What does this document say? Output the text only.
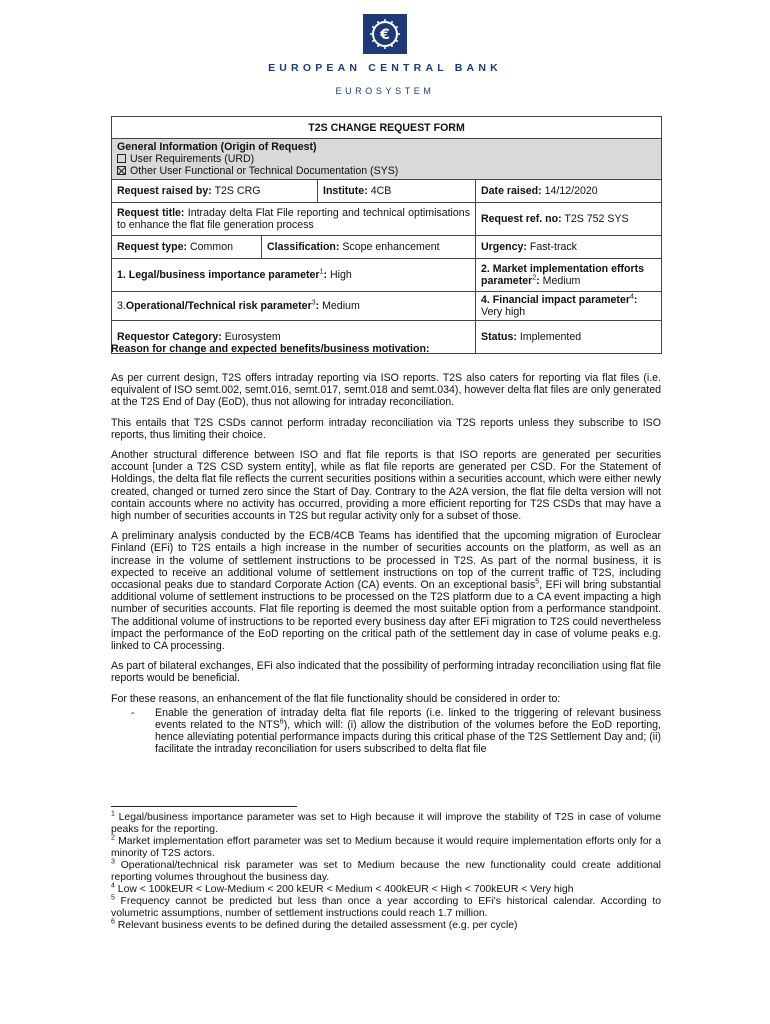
€
EUROPEAN CENTRAL BANK
EUROSYSTEM
T2S CHANGE REQUEST FORM			

General Information (Origin of Request)
User Requirements (URD)
Other User Functional or Technical Documentation (SYS)			

Request raised by: T2S CRG		Institute: 4CB	Date raised: 14/12/2020
Request title: Intraday delta Flat File reporting and technical optimisations to enhance the flat file generation process			Request ref. no: T2S 752 SYS
Request type: Common	Classification: Scope enhancement		Urgency: Fast-track
1. Legal/business importance parameter$^1$: High			2. Market implementation efforts parameter$^2$: Medium
3.Operational/Technical risk parameter$^3$: Medium			4. Financial impact parameter$^4$: Very high
Requestor Category: Eurosystem			Status: Implemented
Reason for change and expected benefits/business motivation:

As per current design, T2S offers intraday reporting via ISO reports. T2S also caters for reporting via flat files (i.e. equivalent of ISO semt.002, semt.016, semt.017, semt.018 and semt.034), however delta flat files are only generated at the T2S End of Day (EoD), thus not allowing for intraday reconciliation.

This entails that T2S CSDs cannot perform intraday reconciliation via T2S reports unless they subscribe to ISO reports, thus limiting their choice.

Another structural difference between ISO and flat file reports is that ISO reports are generated per securities account [under a T2S CSD system entity], while as flat file reports are generated per CSD. For the Statement of Holdings, the delta flat file reflects the current securities positions within a securities account, which were either newly created, changed or turned zero since the Start of Day. Contrary to the A2A version, the flat file delta version will not contain accounts where no activity has occurred, providing a more efficient reporting for T2S CSDs that may have a high number of securities accounts in T2S but regular activity only for a subset of those.

A preliminary analysis conducted by the ECB/4CB Teams has identified that the upcoming migration of Euroclear Finland (EFi) to T2S entails a high increase in the number of securities accounts on the platform, as well as an increase in the volume of settlement instructions to be processed in T2S. As part of the normal business, it is expected to receive an additional volume of settlement instructions on top of the current traffic of T2S, including occasional peaks due to standard Corporate Action (CA) events. On an exceptional basis$^5$, EFi will bring substantial additional volume of settlement instructions to be processed on the T2S platform due to a CA event impacting a high number of securities accounts. Flat file reporting is deemed the most suitable option from a performance standpoint. The additional volume of instructions to be reported every business day after EFi migration to T2S could nevertheless impact the performance of the EoD reporting on the critical path of the settlement day in case of volume peaks e.g. linked to CA processing.

As part of bilateral exchanges, EFi also indicated that the possibility of performing intraday reconciliation using flat file reports would be beneficial.

For these reasons, an enhancement of the flat file functionality should be considered in order to:

-	Enable the generation of intraday delta flat file reports (i.e. linked to the triggering of relevant business events related to the NTS$^6$), which will: (i) allow the distribution of the volumes before the EoD reporting, hence alleviating potential performance impacts during this critical phase of the T2S Settlement Day and; (ii) facilitate the intraday reconciliation for users subscribed to delta flat file

$^1$ Legal/business importance parameter was set to High because it will improve the stability of T2S in case of volume peaks for the reporting.

$^2$ Market implementation effort parameter was set to Medium because it would require implementation efforts only for a minority of T2S actors.

$^3$ Operational/technical risk parameter was set to Medium because the new functionality could create additional reporting volumes throughout the business day.

$^4$ Low < 100kEUR < Low-Medium < 200 kEUR < Medium < 400kEUR < High < 700kEUR < Very high

$^5$ Frequency cannot be predicted but less than once a year according to EFi's historical calendar. According to volumetric assumptions, number of settlement instructions could reach 1.7 million.

$^6$ Relevant business events to be defined during the detailed assessment (e.g. per cycle)
